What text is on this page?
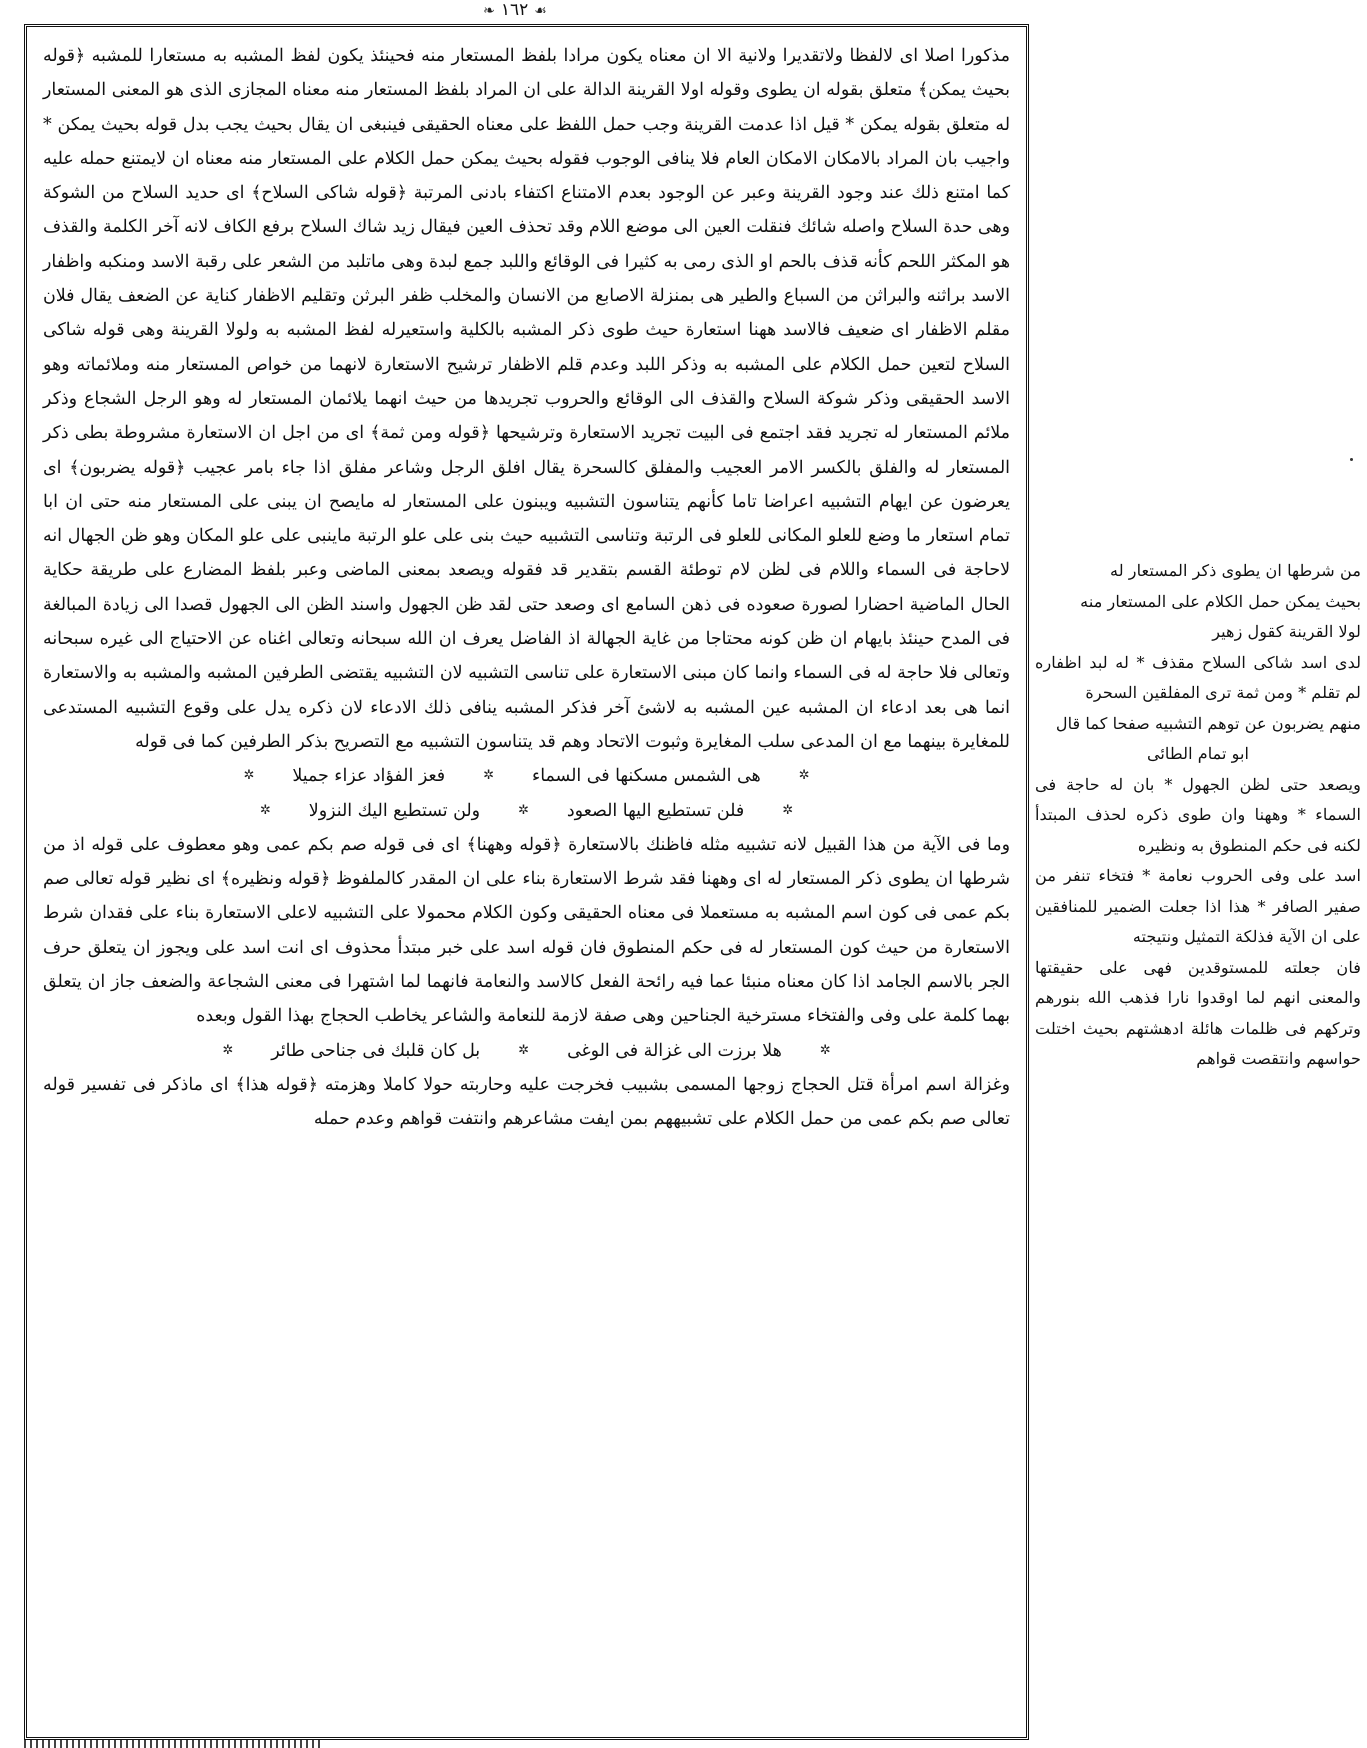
❧ ١٦٢ ☙

مذكورا اصلا اى لالفظا ولاتقديرا ولانية الا ان معناه يكون مرادا بلفظ المستعار منه فحينئذ يكون لفظ المشبه به مستعارا للمشبه ﴿قوله بحيث يمكن﴾ متعلق بقوله ان يطوى وقوله اولا القرينة الدالة على ان المراد بلفظ المستعار منه معناه المجازى الذى هو المعنى المستعار له متعلق بقوله يمكن * قيل اذا عدمت القرينة وجب حمل اللفظ على معناه الحقيقى فينبغى ان يقال بحيث يجب بدل قوله بحيث يمكن * واجيب بان المراد بالامكان الامكان العام فلا ينافى الوجوب فقوله بحيث يمكن حمل الكلام على المستعار منه معناه ان لايمتنع حمله عليه كما امتنع ذلك عند وجود القرينة وعبر عن الوجود بعدم الامتناع اكتفاء بادنى المرتبة ﴿قوله شاكى السلاح﴾ اى حديد السلاح من الشوكة وهى حدة السلاح واصله شائك فنقلت العين الى موضع اللام وقد تحذف العين فيقال زيد شاك السلاح برفع الكاف لانه آخر الكلمة والقذف هو المكثر اللحم كأنه قذف بالحم او الذى رمى به كثيرا فى الوقائع واللبد جمع لبدة وهى ماتلبد من الشعر على رقبة الاسد ومنكبه واظفار الاسد براثنه والبراثن من السباع والطير هى بمنزلة الاصابع من الانسان والمخلب ظفر البرثن وتقليم الاظفار كناية عن الضعف يقال فلان مقلم الاظفار اى ضعيف فالاسد ههنا استعارة حيث طوى ذكر المشبه بالكلية واستعيرله لفظ المشبه به ولولا القرينة وهى قوله شاكى السلاح لتعين حمل الكلام على المشبه به وذكر اللبد وعدم قلم الاظفار ترشيح الاستعارة لانهما من خواص المستعار منه وملائماته وهو الاسد الحقيقى وذكر شوكة السلاح والقذف الى الوقائع والحروب تجريدها من حيث انهما يلائمان المستعار له وهو الرجل الشجاع وذكر ملائم المستعار له تجريد فقد اجتمع فى البيت تجريد الاستعارة وترشيحها ﴿قوله ومن ثمة﴾ اى من اجل ان الاستعارة مشروطة بطى ذكر المستعار له والفلق بالكسر الامر العجيب والمفلق كالسحرة يقال افلق الرجل وشاعر مفلق اذا جاء بامر عجيب ﴿قوله يضربون﴾ اى يعرضون عن ايهام التشبيه اعراضا تاما كأنهم يتناسون التشبيه ويبنون على المستعار له مايصح ان يبنى على المستعار منه حتى ان ابا تمام استعار ما وضع للعلو المكانى للعلو فى الرتبة وتناسى التشبيه حيث بنى على علو الرتبة ماينبى على علو المكان وهو ظن الجهال انه لاحاجة فى السماء واللام فى لظن لام توطئة القسم بتقدير قد فقوله ويصعد بمعنى الماضى وعبر بلفظ المضارع على طريقة حكاية الحال الماضية احضارا لصورة صعوده فى ذهن السامع اى وصعد حتى لقد ظن الجهول واسند الظن الى الجهول قصدا الى زيادة المبالغة فى المدح حينئذ بايهام ان ظن كونه محتاجا من غاية الجهالة اذ الفاضل يعرف ان الله سبحانه وتعالى اغناه عن الاحتياج الى غيره سبحانه وتعالى فلا حاجة له فى السماء وانما كان مبنى الاستعارة على تناسى التشبيه لان التشبيه يقتضى الطرفين المشبه والمشبه به والاستعارة انما هى بعد ادعاء ان المشبه عين المشبه به لاشئ آخر فذكر المشبه ينافى ذلك الادعاء لان ذكره يدل على وقوع التشبيه المستدعى للمغايرة بينهما مع ان المدعى سلب المغايرة وثبوت الاتحاد وهم قد يتناسون التشبيه مع التصريح بذكر الطرفين كما فى قوله

✲
هى الشمس مسكنها فى السماء
✲
فعز الفؤاد عزاء جميلا
✲
✲
فلن تستطيع اليها الصعود
✲
ولن تستطيع اليك النزولا
✲

وما فى الآية من هذا القبيل لانه تشبيه مثله فاظنك بالاستعارة ﴿قوله وههنا﴾ اى فى قوله صم بكم عمى وهو معطوف على قوله اذ من شرطها ان يطوى ذكر المستعار له اى وههنا فقد شرط الاستعارة بناء على ان المقدر كالملفوظ ﴿قوله ونظيره﴾ اى نظير قوله تعالى صم بكم عمى فى كون اسم المشبه به مستعملا فى معناه الحقيقى وكون الكلام محمولا على التشبيه لاعلى الاستعارة بناء على فقدان شرط الاستعارة من حيث كون المستعار له فى حكم المنطوق فان قوله اسد على خبر مبتدأ محذوف اى انت اسد على ويجوز ان يتعلق حرف الجر بالاسم الجامد اذا كان معناه منبئا عما فيه رائحة الفعل كالاسد والنعامة فانهما لما اشتهرا فى معنى الشجاعة والضعف جاز ان يتعلق بهما كلمة على وفى والفتخاء مسترخية الجناحين وهى صفة لازمة للنعامة والشاعر يخاطب الحجاج بهذا القول وبعده

✲
هلا برزت الى غزالة فى الوغى
✲
بل كان قلبك فى جناحى طائر
✲

وغزالة اسم امرأة قتل الحجاج زوجها المسمى بشبيب فخرجت عليه وحاربته حولا كاملا وهزمته ﴿قوله هذا﴾ اى ماذكر فى تفسير قوله تعالى صم بكم عمى من حمل الكلام على تشبيههم بمن ايفت مشاعرهم وانتفت قواهم وعدم حمله

من شرطها ان يطوى ذكر المستعار له

بحيث يمكن حمل الكلام على المستعار منه

لولا القرينة كقول زهير

لدى اسد شاكى السلاح مقذف * له لبد اظفاره لم تقلم * ومن ثمة ترى المفلقين السحرة

منهم يضربون عن توهم التشبيه صفحا كما قال

ابو تمام الطائى

ويصعد حتى لظن الجهول * بان له حاجة فى السماء * وههنا وان طوى ذكره لحذف المبتدأ لكنه فى حكم المنطوق به ونظيره

اسد على وفى الحروب نعامة * فتخاء تنفر من صفير الصافر * هذا اذا جعلت الضمير للمنافقين على ان الآية فذلكة التمثيل ونتيجته

فان جعلته للمستوقدين فهى على حقيقتها والمعنى انهم لما اوقدوا نارا فذهب الله بنورهم وتركهم فى ظلمات هائلة ادهشتهم بحيث اختلت حواسهم وانتقصت قواهم
